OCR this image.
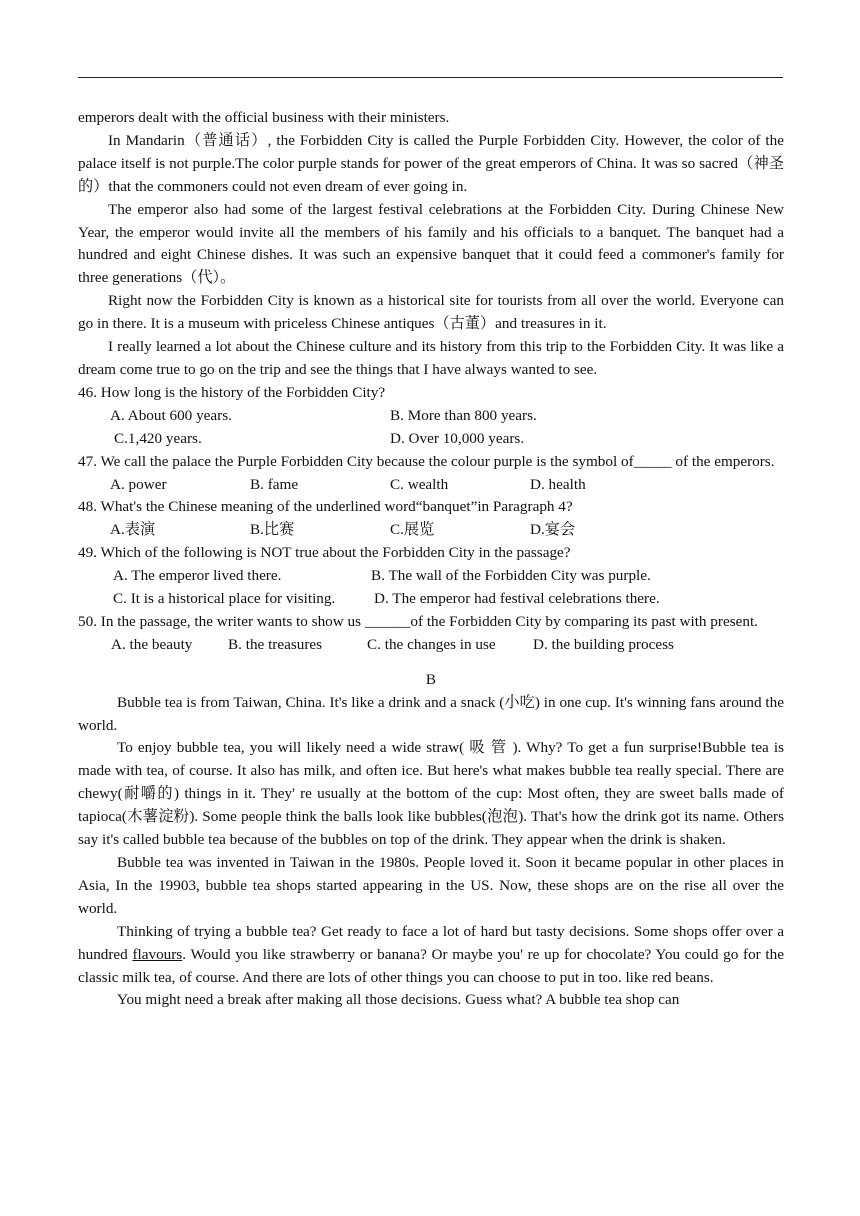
emperors dealt with the official business with their ministers.

In Mandarin（普通话）, the Forbidden City is called the Purple Forbidden City. However, the color of the palace itself is not purple.The color purple stands for power of the great emperors of China. It was so sacred（神圣的）that the commoners could not even dream of ever going in.

The emperor also had some of the largest festival celebrations at the Forbidden City. During Chinese New Year, the emperor would invite all the members of his family and his officials to a banquet. The banquet had a hundred and eight Chinese dishes. It was such an expensive banquet that it could feed a commoner's family for three generations（代）。

Right now the Forbidden City is known as a historical site for tourists from all over the world. Everyone can go in there. It is a museum with priceless Chinese antiques（古董）and treasures in it.

I really learned a lot about the Chinese culture and its history from this trip to the Forbidden City. It was like a dream come true to go on the trip and see the things that I have always wanted to see.

46. How long is the history of the Forbidden City?

A. About 600 years.	B. More than 800 years.
C.1,420 years.	D. Over 10,000 years.

47. We call the palace the Purple Forbidden City because the colour purple is the symbol of_____ of the emperors.

A. power	B. fame	C. wealth	D. health

48. What's the Chinese meaning of the underlined word“banquet”in Paragraph 4?

A.表演	B.比赛	C.展览	D.宴会

49. Which of the following is NOT true about the Forbidden City in the passage?

A. The emperor lived there.	B. The wall of the Forbidden City was purple.
C. It is a historical place for visiting.	D. The emperor had festival celebrations there.

50. In the passage, the writer wants to show us ______of the Forbidden City by comparing its past with present.

A. the beauty	B. the treasures	C. the changes in use	D. the building process

B

Bubble tea is from Taiwan, China. It's like a drink and a snack (小吃) in one cup. It's winning fans around the world.

To enjoy bubble tea, you will likely need a wide straw( 吸 管 ). Why? To get a fun surprise!Bubble tea is made with tea, of course. It also has milk, and often ice. But here's what makes bubble tea really special. There are chewy(耐嚼的) things in it. They' re usually at the bottom of the cup: Most often, they are sweet balls made of tapioca(木薯淀粉). Some people think the balls look like bubbles(泡泡). That's how the drink got its name. Others say it's called bubble tea because of the bubbles on top of the drink. They appear when the drink is shaken.

Bubble tea was invented in Taiwan in the 1980s. People loved it. Soon it became popular in other places in Asia, In the 19903, bubble tea shops started appearing in the US. Now, these shops are on the rise all over the world.

Thinking of trying a bubble tea? Get ready to face a lot of hard but tasty decisions. Some shops offer over a hundred flavours. Would you like strawberry or banana? Or maybe you' re up for chocolate? You could go for the classic milk tea, of course. And there are lots of other things you can choose to put in too. like red beans.

You might need a break after making all those decisions. Guess what? A bubble tea shop can
